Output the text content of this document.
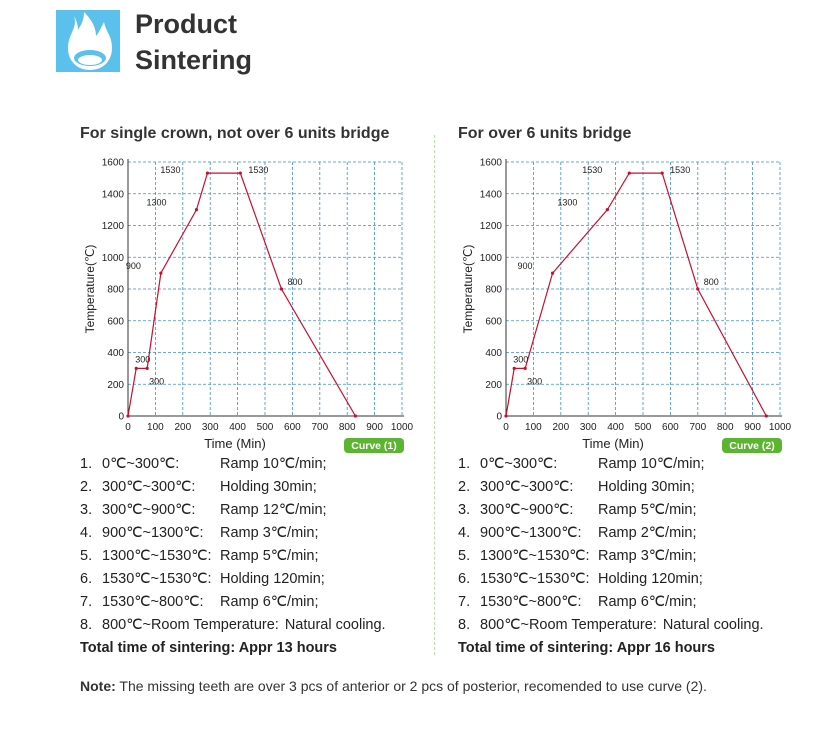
Product
Sintering
For single crown, not over 6 units bridge
0
200
400
600
800
1000
1200
1400
1600
0 100 200 300 400 500 600 700 800 900 1000
Temperature(℃)
Time (Min)	Curve (1)
300
300
900
1300
1530	1530
800
For over 6 units bridge
0
200
400
600
800
1000
1200
1400
1600
0 100 200 300 400 500 600 700 800 900 1000
Temperature(℃)
Time (Min)	Curve (2)
300
300
900
1300
1530	1530
800
1. 0℃~300℃:	Ramp 10℃/min;
2. 300℃~300℃: Holding 30min;
3. 300℃~900℃: Ramp 12℃/min;
4. 900℃~1300℃: Ramp 3℃/min;
5. 1300℃~1530℃: Ramp 5℃/min;
6. 1530℃~1530℃: Holding 120min;
7. 1530℃~800℃: Ramp 6℃/min;
8. 800℃~Room Temperature: Natural cooling.
1. 0℃~300℃:	Ramp 10℃/min;
2. 300℃~300℃: Holding 30min;
3. 300℃~900℃: Ramp 5℃/min;
4. 900℃~1300℃: Ramp 2℃/min;
5. 1300℃~1530℃: Ramp 3℃/min;
6. 1530℃~1530℃: Holding 120min;
7. 1530℃~800℃: Ramp 6℃/min;
8. 800℃~Room Temperature: Natural cooling.
Total time of sintering: Appr 13 hours	Total time of sintering: Appr 16 hours
Note: The missing teeth are over 3 pcs of anterior or 2 pcs of posterior, recomended to use curve (2).
